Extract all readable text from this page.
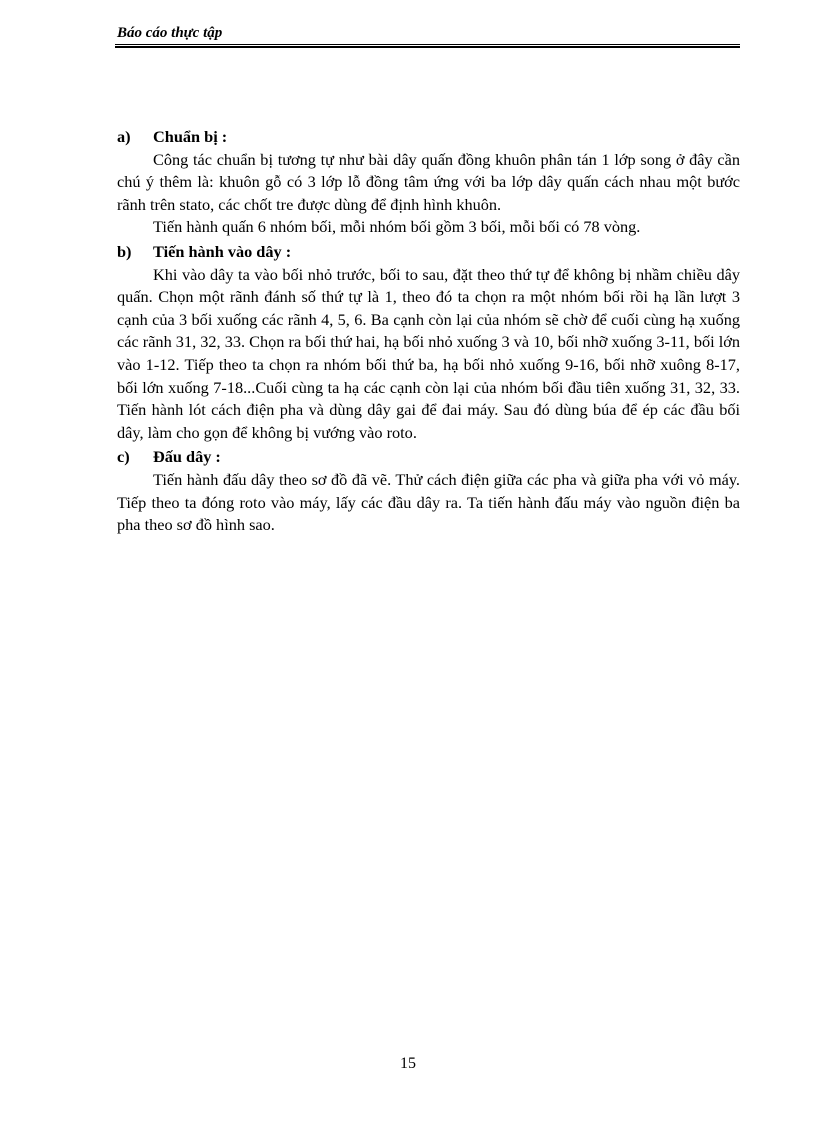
Báo cáo thực tập
a)	Chuẩn bị :

Công tác chuẩn bị tương tự như bài dây quấn đồng khuôn phân tán 1 lớp song ở đây cần chú ý thêm là: khuôn gỗ có 3 lớp lỗ đồng tâm ứng với ba lớp dây quấn cách nhau một bước rãnh trên stato, các chốt tre được dùng để định hình khuôn.

Tiến hành quấn 6 nhóm bối, mỗi nhóm bối gồm 3 bối, mỗi bối có 78 vòng.

b)	Tiến hành vào dây :

Khi vào dây ta vào bối nhỏ trước, bối to sau, đặt theo thứ tự để không bị nhầm chiều dây quấn. Chọn một rãnh đánh số thứ tự là 1, theo đó ta chọn ra một nhóm bối rồi hạ lần lượt 3 cạnh của 3 bối xuống các rãnh 4, 5, 6. Ba cạnh còn lại của nhóm sẽ chờ để cuối cùng hạ xuống các rãnh 31, 32, 33. Chọn ra bối thứ hai, hạ bối nhỏ xuống 3 và 10, bối nhỡ xuống 3-11, bối lớn vào 1-12. Tiếp theo ta chọn ra nhóm bối thứ ba, hạ bối nhỏ xuống 9-16, bối nhỡ xuông 8-17, bối lớn xuống 7-18...Cuối cùng ta hạ các cạnh còn lại của nhóm bối đầu tiên xuống 31, 32, 33. Tiến hành lót cách điện pha và dùng dây gai để đai máy. Sau đó dùng búa để ép các đầu bối dây, làm cho gọn để không bị vướng vào roto.

c)	Đấu dây :

Tiến hành đấu dây theo sơ đồ đã vẽ. Thử cách điện giữa các pha và giữa pha với vỏ máy. Tiếp theo ta đóng roto vào máy, lấy các đầu dây ra. Ta tiến hành đấu máy vào nguồn điện ba pha theo sơ đồ hình sao.

15
